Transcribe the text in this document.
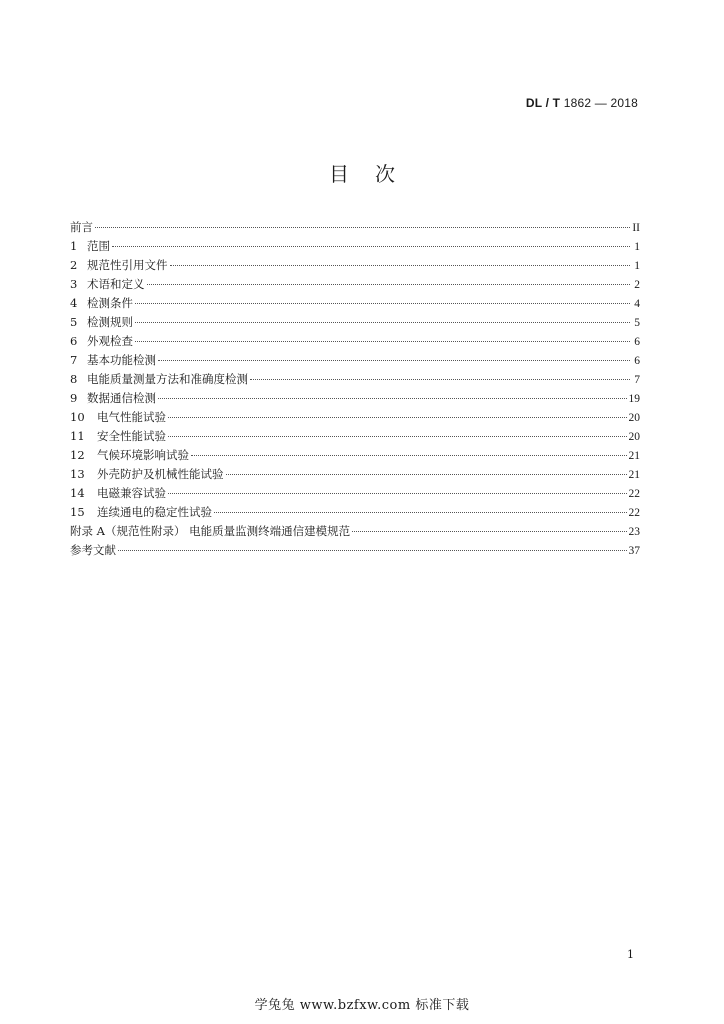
DL / T 1862 — 2018
目次
前言	II
1 范围	1
2 规范性引用文件	1
3 术语和定义	2
4 检测条件	4
5 检测规则	5
6 外观检查	6
7 基本功能检测	6
8 电能质量测量方法和准确度检测	7
9 数据通信检测	19
10	电气性能试验	20
11	安全性能试验	20
12	气候环境影响试验	21
13	外壳防护及机械性能试验	21
14	电磁兼容试验	22
15	连续通电的稳定性试验	22
附录 A（规范性附录） 电能质量监测终端通信建模规范	23
参考文献	37
1
学兔兔 www.bzfxw.com 标准下载
